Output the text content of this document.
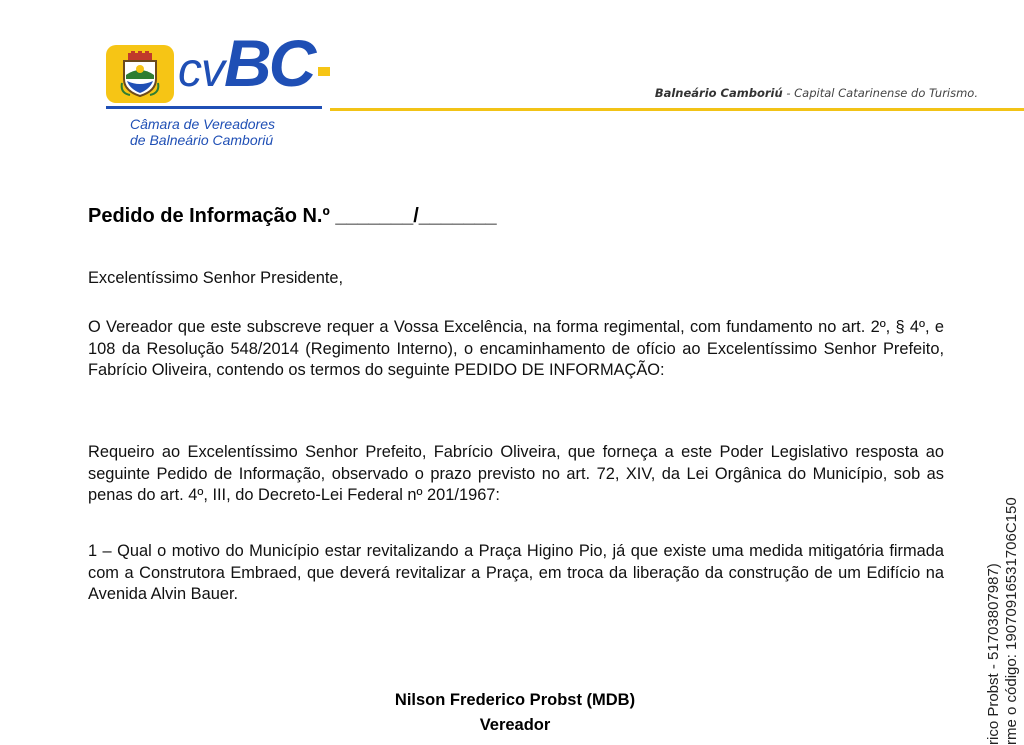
cvBC
Câmara de Vereadores
de Balneário Camboriú
Balneário Camboriú - Capital Catarinense do Turismo.
Pedido de Informação N.º _______/_______

Excelentíssimo Senhor Presidente,

O Vereador que este subscreve requer a Vossa Excelência, na forma regimental, com fundamento no art. 2º, § 4º, e 108 da Resolução 548/2014 (Regimento Interno), o encaminhamento de ofício ao Excelentíssimo Senhor Prefeito, Fabrício Oliveira, contendo os termos do seguinte PEDIDO DE INFORMAÇÃO:

Requeiro ao Excelentíssimo Senhor Prefeito, Fabrício Oliveira, que forneça a este Poder Legislativo resposta ao seguinte Pedido de Informação, observado o prazo previsto no art. 72, XIV, da Lei Orgânica do Município, sob as penas do art. 4º, III, do Decreto-Lei Federal nº 201/1967:

1 – Qual o motivo do Município estar revitalizando a Praça Higino Pio, já que existe uma medida mitigatória firmada com a Construtora Embraed, que deverá revitalizar a Praça, em troca da liberação da construção de um Edifício na Avenida Alvin Bauer.

Nilson Frederico Probst (MDB)
Vereador	rico Probst - 51703807987) rme o código: 19070916531706C150
